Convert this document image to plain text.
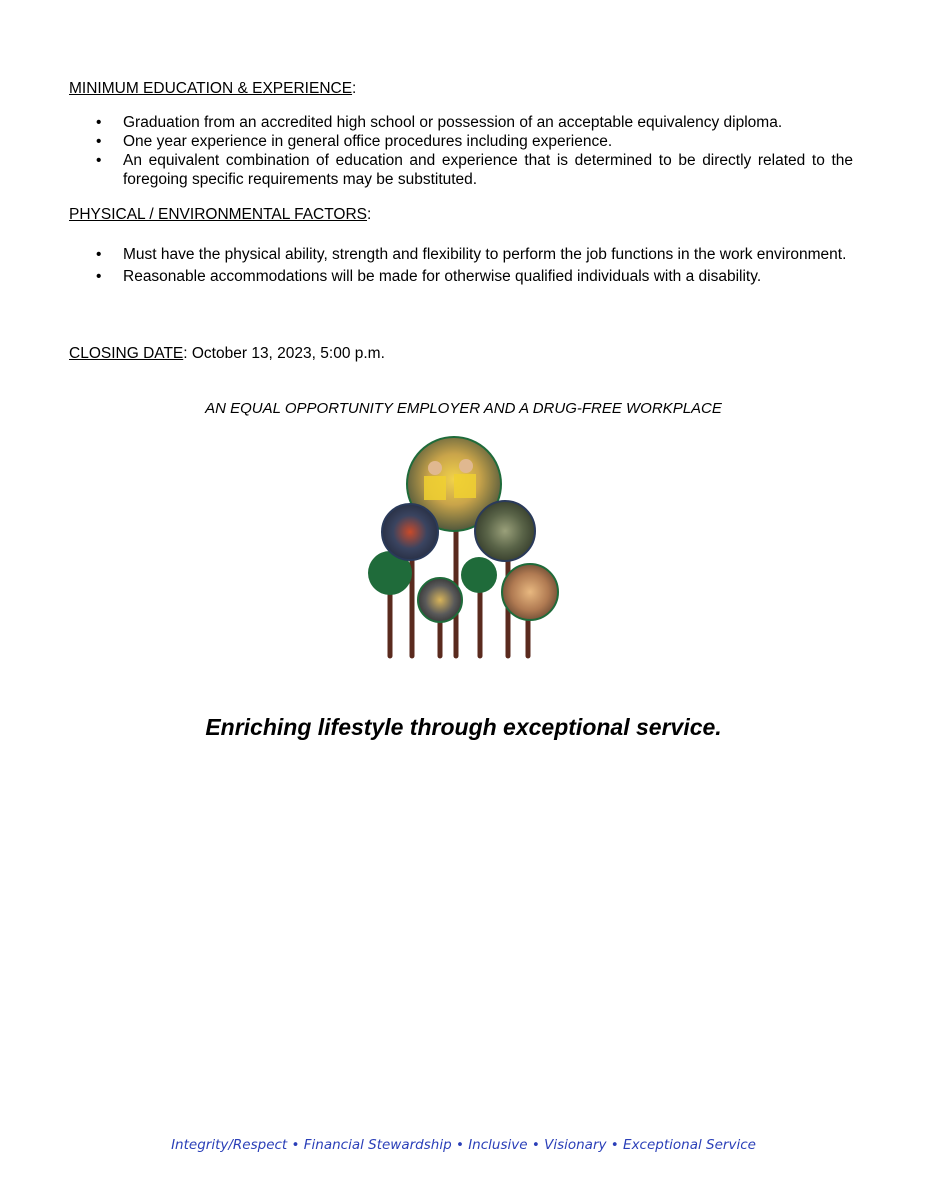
MINIMUM EDUCATION & EXPERIENCE:

•	Graduation from an accredited high school or possession of an acceptable equivalency diploma.
•	One year experience in general office procedures including experience.
•	An equivalent combination of education and experience that is determined to be directly related to the foregoing specific requirements may be substituted.

PHYSICAL / ENVIRONMENTAL FACTORS:

•	Must have the physical ability, strength and flexibility to perform the job functions in the work environment.
•	Reasonable accommodations will be made for otherwise qualified individuals with a disability.

CLOSING DATE: October 13, 2023, 5:00 p.m.

AN EQUAL OPPORTUNITY EMPLOYER AND A DRUG-FREE WORKPLACE

Enriching lifestyle through exceptional service.

Integrity/Respect • Financial Stewardship • Inclusive • Visionary • Exceptional Service
